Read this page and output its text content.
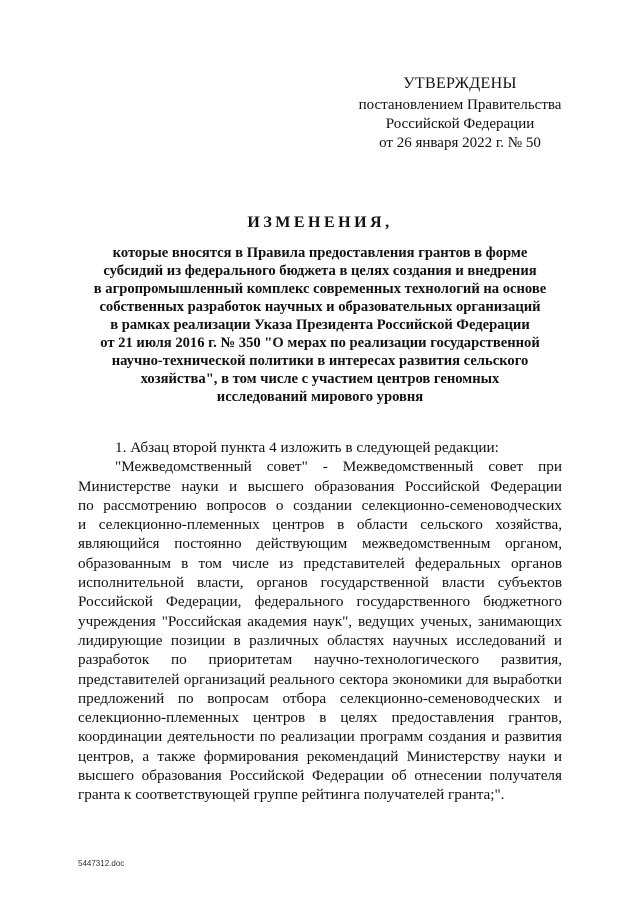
УТВЕРЖДЕНЫ
постановлением Правительства
Российской Федерации
от 26 января 2022 г. № 50
ИЗМЕНЕНИЯ,
которые вносятся в Правила предоставления грантов в форме
субсидий из федерального бюджета в целях создания и внедрения
в агропромышленный комплекс современных технологий на основе
собственных разработок научных и образовательных организаций
в рамках реализации Указа Президента Российской Федерации
от 21 июля 2016 г. № 350 "О мерах по реализации государственной
научно-технической политики в интересах развития сельского
хозяйства", в том числе с участием центров геномных
исследований мирового уровня
1. Абзац второй пункта 4 изложить в следующей редакции:
"Межведомственный совет" - Межведомственный совет при
Министерстве науки и высшего образования Российской Федерации
по рассмотрению вопросов о создании селекционно-семеноводческих
и селекционно-племенных центров в области сельского хозяйства,
являющийся постоянно действующим межведомственным органом,
образованным в том числе из представителей федеральных органов
исполнительной власти, органов государственной власти субъектов
Российской Федерации, федерального государственного бюджетного
учреждения "Российская академия наук", ведущих ученых, занимающих
лидирующие позиции в различных областях научных исследований и
разработок по приоритетам научно-технологического развития,
представителей организаций реального сектора экономики для выработки
предложений по вопросам отбора селекционно-семеноводческих и
селекционно-племенных центров в целях предоставления грантов,
координации деятельности по реализации программ создания и развития
центров, а также формирования рекомендаций Министерству науки и
высшего образования Российской Федерации об отнесении получателя
гранта к соответствующей группе рейтинга получателей гранта;".
5447312.doc
